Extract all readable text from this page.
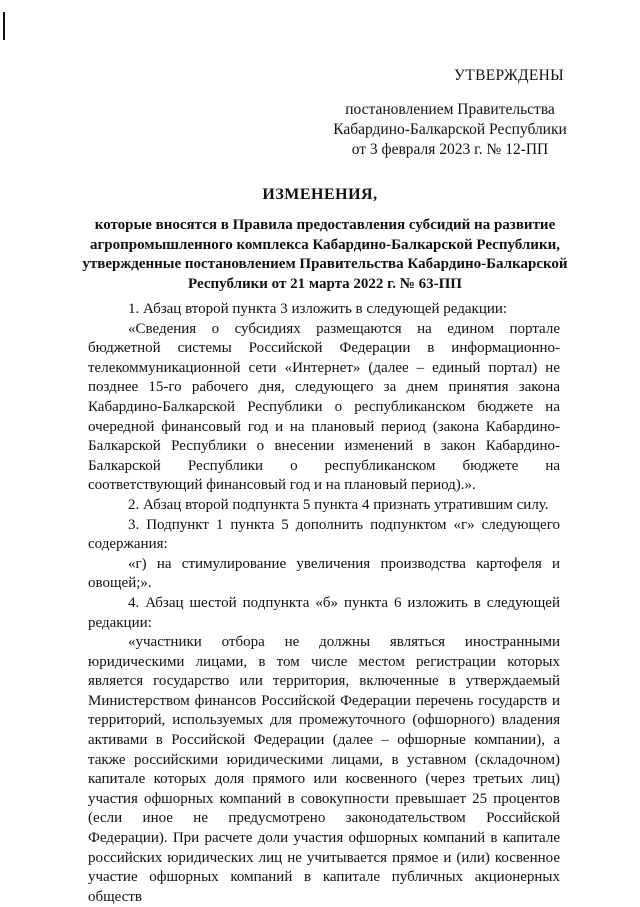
УТВЕРЖДЕНЫ
постановлением Правительства
Кабардино-Балкарской Республики
от 3 февраля 2023 г. № 12-ПП
ИЗМЕНЕНИЯ,
которые вносятся в Правила предоставления субсидий на развитие агропромышленного комплекса Кабардино-Балкарской Республики, утвержденные постановлением Правительства Кабардино-Балкарской Республики от 21 марта 2022 г. № 63-ПП

1. Абзац второй пункта 3 изложить в следующей редакции:

«Сведения о субсидиях размещаются на едином портале бюджетной системы Российской Федерации в информационно-телекоммуникационной сети «Интернет» (далее – единый портал) не позднее 15-го рабочего дня, следующего за днем принятия закона Кабардино-Балкарской Республики о республиканском бюджете на очередной финансовый год и на плановый период (закона Кабардино-Балкарской Республики о внесении изменений в закон Кабардино-Балкарской Республики о республиканском бюджете на соответствующий финансовый год и на плановый период).».

2. Абзац второй подпункта 5 пункта 4 признать утратившим силу.

3. Подпункт 1 пункта 5 дополнить подпунктом «г» следующего содержания:

«г) на стимулирование увеличения производства картофеля и овощей;».

4. Абзац шестой подпункта «б» пункта 6 изложить в следующей редакции:

«участники отбора не должны являться иностранными юридическими лицами, в том числе местом регистрации которых является государство или территория, включенные в утверждаемый Министерством финансов Российской Федерации перечень государств и территорий, используемых для промежуточного (офшорного) владения активами в Российской Федерации (далее – офшорные компании), а также российскими юридическими лицами, в уставном (складочном) капитале которых доля прямого или косвенного (через третьих лиц) участия офшорных компаний в совокупности превышает 25 процентов (если иное не предусмотрено законодательством Российской Федерации). При расчете доли участия офшорных компаний в капитале российских юридических лиц не учитывается прямое и (или) косвенное участие офшорных компаний в капитале публичных акционерных обществ
